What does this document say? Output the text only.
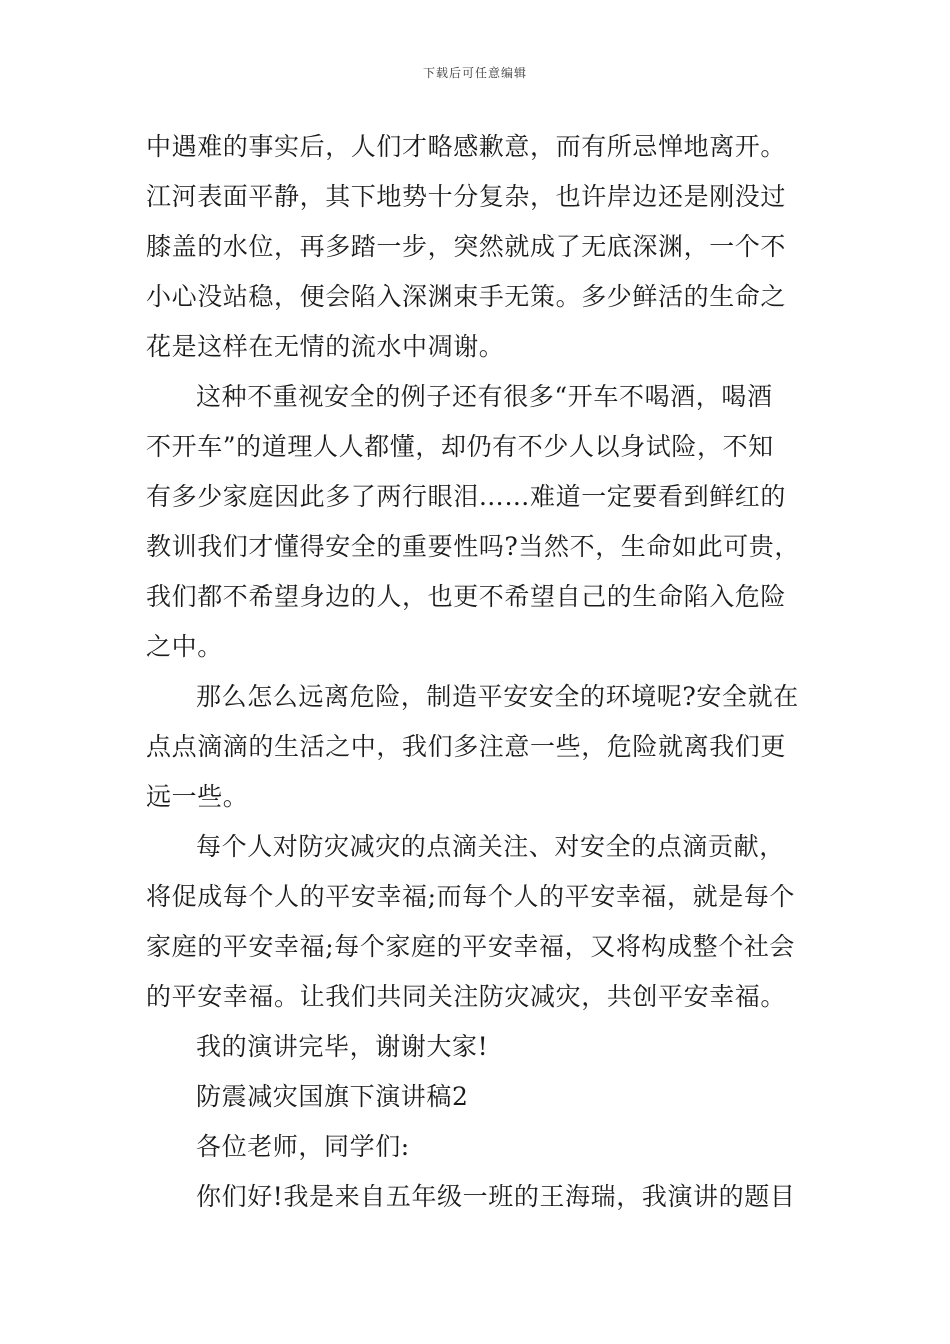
下载后可任意编辑
中遇难的事实后，人们才略感歉意，而有所忌惮地离开。
江河表面平静，其下地势十分复杂，也许岸边还是刚没过
膝盖的水位，再多踏一步，突然就成了无底深渊，一个不
小心没站稳，便会陷入深渊束手无策。多少鲜活的生命之
花是这样在无情的流水中凋谢。
这种不重视安全的例子还有很多“开车不喝酒，喝酒
不开车”的道理人人都懂，却仍有不少人以身试险，不知
有多少家庭因此多了两行眼泪……难道一定要看到鲜红的
教训我们才懂得安全的重要性吗?当然不，生命如此可贵，
我们都不希望身边的人，也更不希望自己的生命陷入危险
之中。
那么怎么远离危险，制造平安安全的环境呢?安全就在
点点滴滴的生活之中，我们多注意一些，危险就离我们更
远一些。
每个人对防灾减灾的点滴关注、对安全的点滴贡献，
将促成每个人的平安幸福;而每个人的平安幸福，就是每个
家庭的平安幸福;每个家庭的平安幸福，又将构成整个社会
的平安幸福。让我们共同关注防灾减灾，共创平安幸福。
我的演讲完毕，谢谢大家!
防震减灾国旗下演讲稿2
各位老师，同学们:
你们好!我是来自五年级一班的王海瑞，我演讲的题目
